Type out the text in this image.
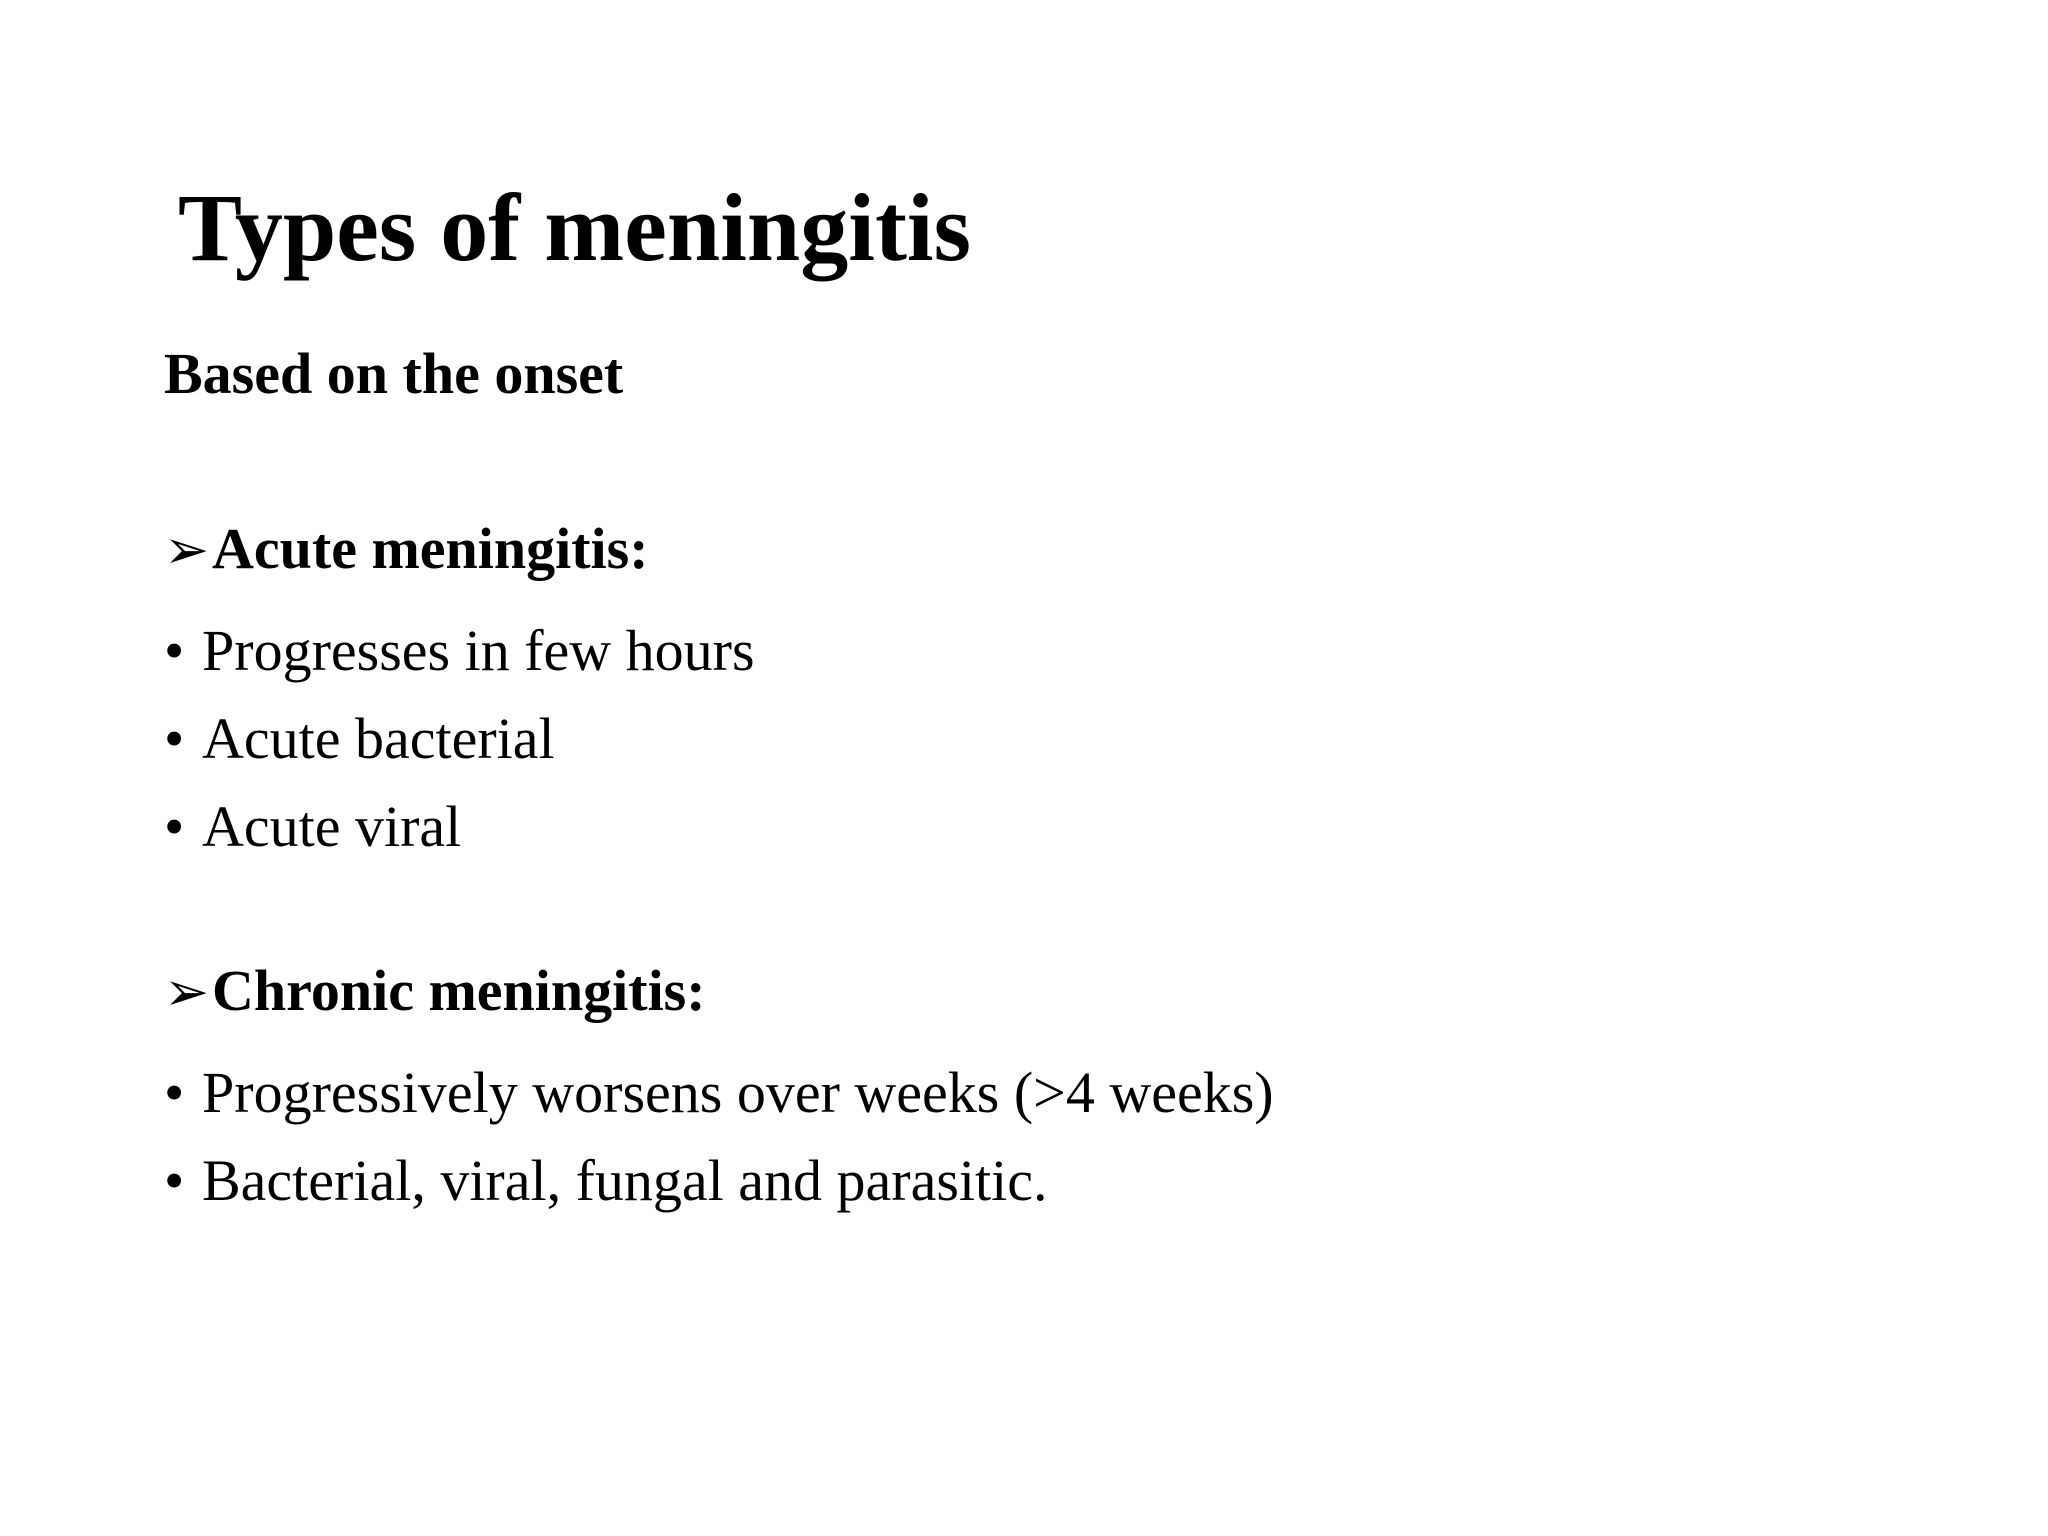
Types of meningitis
Based on the onset
➢Acute meningitis:
• Progresses in few hours
• Acute bacterial
• Acute viral
➢Chronic meningitis:
• Progressively worsens over weeks (>4 weeks)
• Bacterial, viral, fungal and parasitic.
